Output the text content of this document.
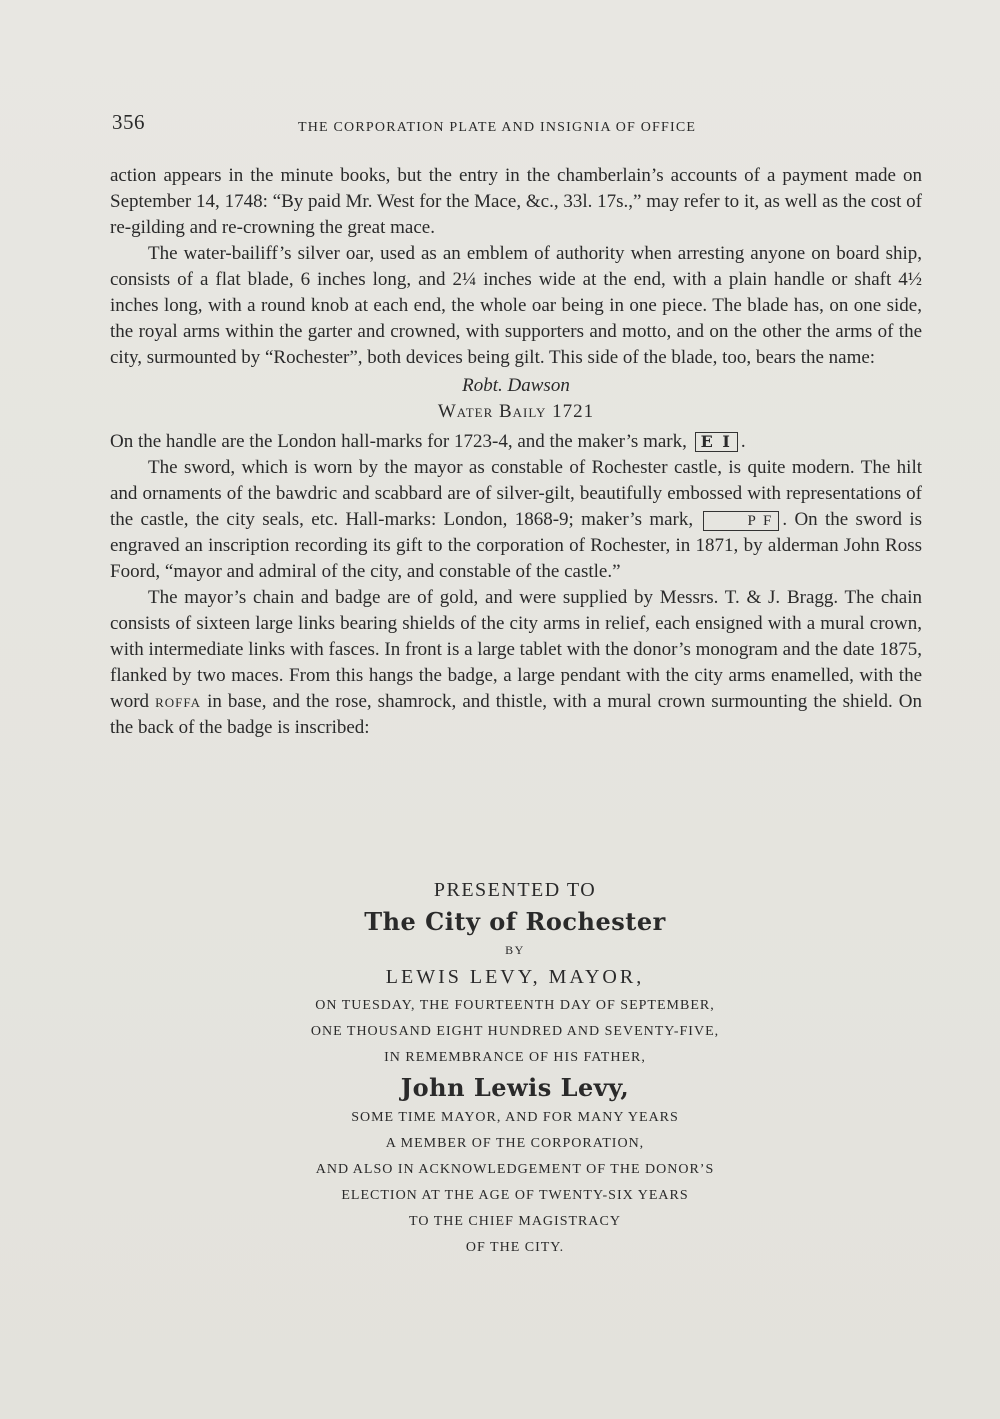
356	THE CORPORATION PLATE AND INSIGNIA OF OFFICE

action appears in the minute books, but the entry in the chamberlain’s accounts of a payment made on September 14, 1748: “By paid Mr. West for the Mace, &c., 33l. 17s.,” may refer to it, as well as the cost of re-gilding and re-crowning the great mace.

The water-bailiff’s silver oar, used as an emblem of authority when arresting anyone on board ship, consists of a flat blade, 6 inches long, and 2¼ inches wide at the end, with a plain handle or shaft 4½ inches long, with a round knob at each end, the whole oar being in one piece. The blade has, on one side, the royal arms within the garter and crowned, with supporters and motto, and on the other the arms of the city, surmounted by “Rochester”, both devices being gilt. This side of the blade, too, bears the name:

Robt. Dawson

Water Baily 1721

On the handle are the London hall-marks for 1723-4, and the maker’s mark, E I .

The sword, which is worn by the mayor as constable of Rochester castle, is quite modern. The hilt and ornaments of the bawdric and scabbard are of silver-gilt, beautifully embossed with representations of the castle, the city seals, etc. Hall-marks: London, 1868-9; maker’s mark,	P F . On the sword is engraved an inscription recording its gift to the corporation of Rochester, in 1871, by alderman John Ross Foord, “mayor and admiral of the city, and constable of the castle.”

The mayor’s chain and badge are of gold, and were supplied by Messrs. T. & J. Bragg. The chain consists of sixteen large links bearing shields of the city arms in relief, each ensigned with a mural crown, with intermediate links with fasces. In front is a large tablet with the donor’s monogram and the date 1875, flanked by two maces. From this hangs the badge, a large pendant with the city arms enamelled, with the word roffa in base, and the rose, shamrock, and thistle, with a mural crown surmounting the shield. On the back of the badge is inscribed:

PRESENTED TO
The City of Rochester
BY
LEWIS LEVY, MAYOR,
ON TUESDAY, THE FOURTEENTH DAY OF SEPTEMBER,
ONE THOUSAND EIGHT HUNDRED AND SEVENTY-FIVE,
IN REMEMBRANCE OF HIS FATHER,
John Lewis Levy,
SOME TIME MAYOR, AND FOR MANY YEARS
A MEMBER OF THE CORPORATION,
AND ALSO IN ACKNOWLEDGEMENT OF THE DONOR’S
ELECTION AT THE AGE OF TWENTY-SIX YEARS
TO THE CHIEF MAGISTRACY
OF THE CITY.
